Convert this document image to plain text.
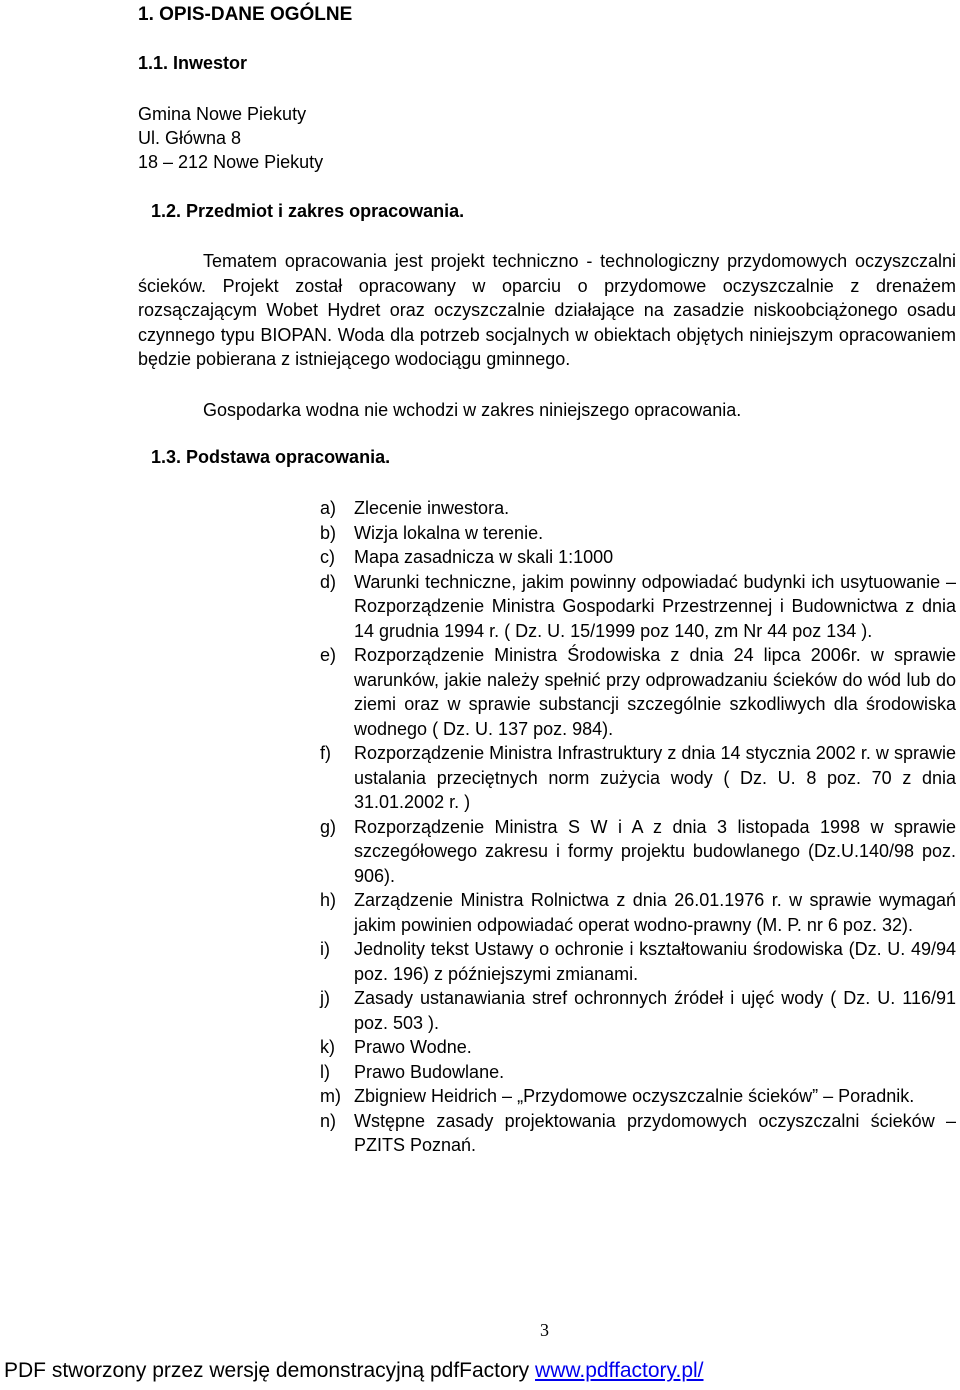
1. OPIS-DANE OGÓLNE
1.1. Inwestor
Gmina Nowe Piekuty
Ul. Główna 8
18 – 212 Nowe Piekuty
1.2. Przedmiot i zakres opracowania.
Tematem opracowania jest projekt techniczno - technologiczny przydomowych oczyszczalni ścieków. Projekt został opracowany w oparciu o przydomowe oczyszczalnie z drenażem rozsączającym Wobet Hydret oraz oczyszczalnie działające na zasadzie niskoobciążonego osadu czynnego typu BIOPAN. Woda dla potrzeb socjalnych w obiektach objętych niniejszym opracowaniem będzie pobierana z istniejącego wodociągu gminnego.
Gospodarka wodna nie wchodzi w zakres niniejszego opracowania.
1.3. Podstawa opracowania.
a) Zlecenie inwestora.
b) Wizja lokalna w terenie.
c) Mapa zasadnicza w skali 1:1000
d) Warunki techniczne, jakim powinny odpowiadać budynki ich usytuowanie – Rozporządzenie Ministra Gospodarki Przestrzennej i Budownictwa z dnia 14 grudnia 1994 r. ( Dz. U. 15/1999 poz 140, zm Nr 44 poz 134 ).
e) Rozporządzenie Ministra Środowiska z dnia 24 lipca 2006r. w sprawie warunków, jakie należy spełnić przy odprowadzaniu ścieków do wód lub do ziemi oraz w sprawie substancji szczególnie szkodliwych dla środowiska wodnego ( Dz. U. 137 poz. 984).
f) Rozporządzenie Ministra Infrastruktury z dnia 14 stycznia 2002 r. w sprawie ustalania przeciętnych norm zużycia wody ( Dz. U. 8 poz. 70 z dnia 31.01.2002 r. )
g) Rozporządzenie Ministra S W i A z dnia 3 listopada 1998 w sprawie szczegółowego zakresu i formy projektu budowlanego (Dz.U.140/98 poz. 906).
h) Zarządzenie Ministra Rolnictwa z dnia 26.01.1976 r. w sprawie wymagań jakim powinien odpowiadać operat wodno-prawny (M. P. nr 6 poz. 32).
i) Jednolity tekst Ustawy o ochronie i kształtowaniu środowiska (Dz. U. 49/94 poz. 196) z późniejszymi zmianami.
j) Zasady ustanawiania stref ochronnych źródeł i ujęć wody ( Dz. U. 116/91 poz. 503 ).
k) Prawo Wodne.
l) Prawo Budowlane.
m) Zbigniew Heidrich – „Przydomowe oczyszczalnie ścieków” – Poradnik.
n) Wstępne zasady projektowania przydomowych oczyszczalni ścieków – PZITS Poznań.
3
PDF stworzony przez wersję demonstracyjną pdfFactory www.pdffactory.pl/
